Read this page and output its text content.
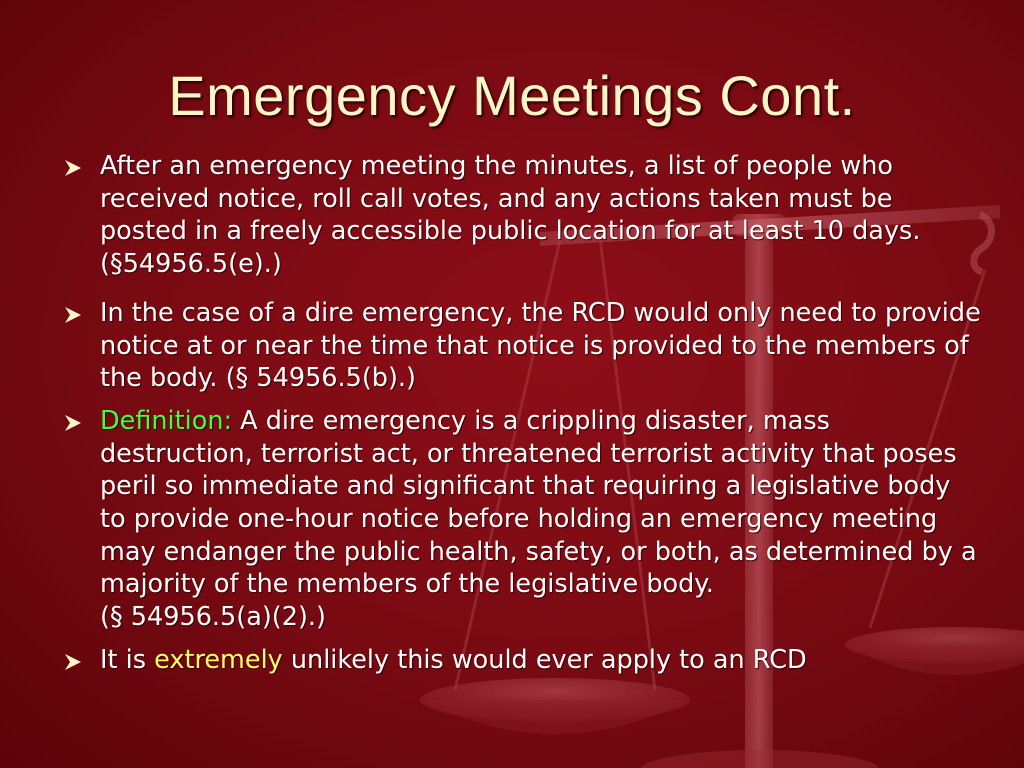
Emergency Meetings Cont.
After an emergency meeting the minutes, a list of people who received notice, roll call votes, and any actions taken must be posted in a freely accessible public location for at least 10 days. (§54956.5(e).)
In the case of a dire emergency, the RCD would only need to provide notice at or near the time that notice is provided to the members of the body. (§ 54956.5(b).)
Definition: A dire emergency is a crippling disaster, mass destruction, terrorist act, or threatened terrorist activity that poses peril so immediate and significant that requiring a legislative body to provide one-hour notice before holding an emergency meeting may endanger the public health, safety, or both, as determined by a majority of the members of the legislative body.
(§ 54956.5(a)(2).)
It is extremely unlikely this would ever apply to an RCD
